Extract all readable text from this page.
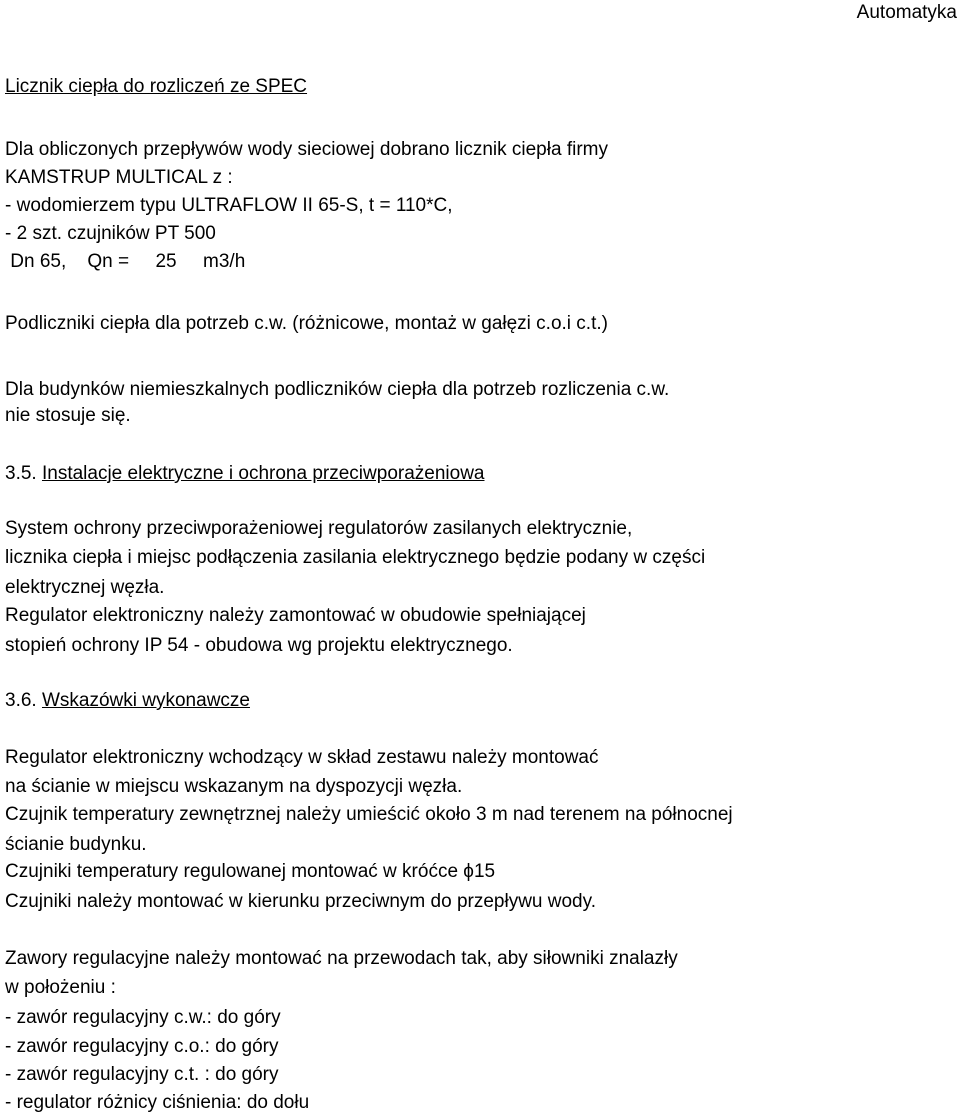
Automatyka
Licznik ciepła do rozliczeń ze SPEC
Dla obliczonych przepływów wody sieciowej dobrano licznik ciepła firmy
KAMSTRUP MULTICAL z :
- wodomierzem typu ULTRAFLOW II 65-S, t = 110*C,
- 2 szt. czujników PT 500
Dn 65,    Qn =     25     m3/h
Podliczniki ciepła dla potrzeb c.w. (różnicowe, montaż w gałęzi c.o.i c.t.)
Dla budynków niemieszkalnych podliczników ciepła dla potrzeb rozliczenia c.w.
nie stosuje się.
3.5. Instalacje elektryczne i ochrona przeciwporażeniowa
System ochrony przeciwporażeniowej regulatorów zasilanych elektrycznie,
licznika ciepła i miejsc podłączenia zasilania elektrycznego będzie podany w części
elektrycznej węzła.
Regulator elektroniczny należy zamontować w obudowie spełniającej
stopień ochrony IP 54 - obudowa wg projektu elektrycznego.
3.6. Wskazówki wykonawcze
Regulator elektroniczny wchodzący w skład zestawu należy montować
na ścianie w miejscu wskazanym na dyspozycji węzła.
Czujnik temperatury zewnętrznej należy umieścić około 3 m nad terenem na północnej
ścianie budynku.
Czujniki temperatury regulowanej montować w króćce ϕ15
Czujniki należy montować w kierunku przeciwnym do przepływu wody.
Zawory regulacyjne należy montować na przewodach tak, aby siłowniki znalazły
w położeniu :
- zawór regulacyjny c.w.: do góry
- zawór regulacyjny c.o.: do góry
- zawór regulacyjny c.t. : do góry
- regulator różnicy ciśnienia: do dołu
